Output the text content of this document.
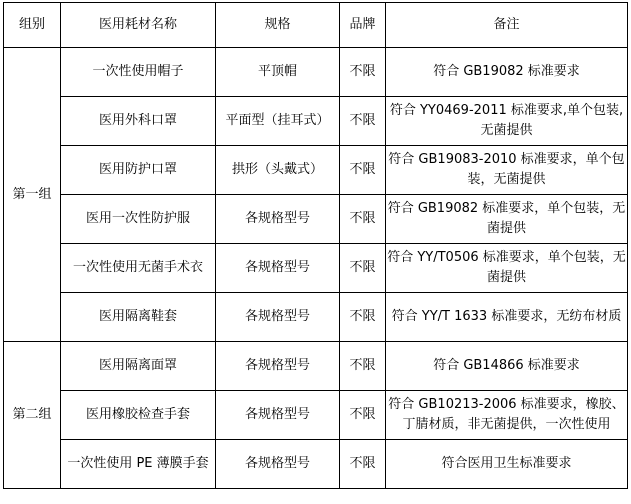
组别	医用耗材名称	规格	品牌	备注
第一组	一次性使用帽子	平顶帽	不限	符合 GB19082 标准要求
	医用外科口罩	平面型（挂耳式）	不限	符合 YY0469-2011 标准要求,单个包装,无菌提供
	医用防护口罩	拱形（头戴式）	不限	符合 GB19083-2010 标准要求，单个包装，无菌提供
	医用一次性防护服	各规格型号	不限	符合 GB19082 标准要求，单个包装，无菌提供
	一次性使用无菌手术衣	各规格型号	不限	符合 YY/T0506 标准要求，单个包装，无菌提供
	医用隔离鞋套	各规格型号	不限	符合 YY/T 1633 标准要求，无纺布材质
第二组	医用隔离面罩	各规格型号	不限	符合 GB14866 标准要求
	医用橡胶检查手套	各规格型号	不限	符合 GB10213-2006 标准要求，橡胶、丁腈材质，非无菌提供，一次性使用
	一次性使用 PE 薄膜手套	各规格型号	不限	符合医用卫生标准要求
